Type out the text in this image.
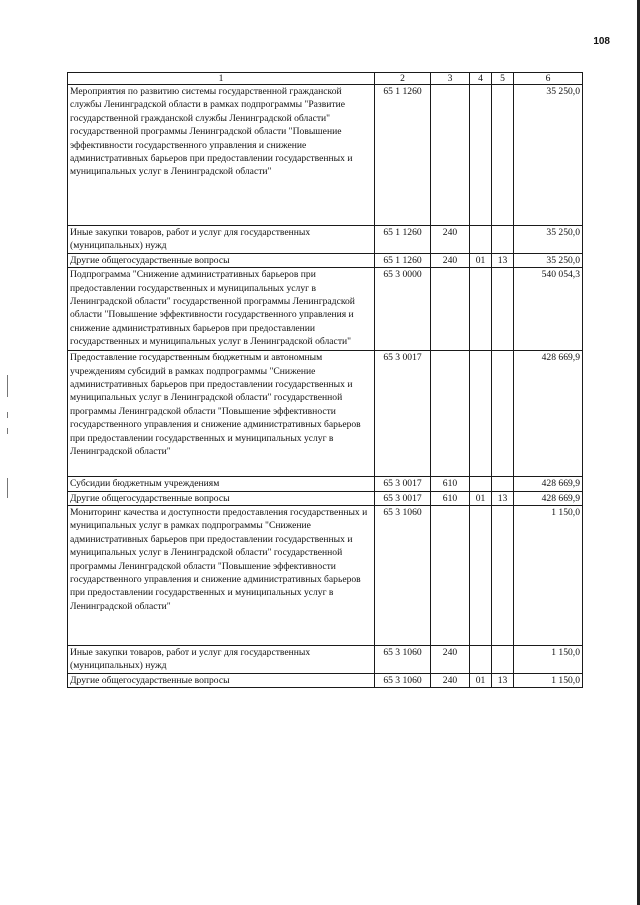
108
1	2	3	4	5	6
Мероприятия по развитию системы государственной гражданской службы Ленинградской области в рамках подпрограммы "Развитие государственной гражданской службы Ленинградской области" государственной программы Ленинградской области "Повышение эффективности государственного управления и снижение административных барьеров при предоставлении государственных и муниципальных услуг в Ленинградской области"	65 1 1260				35 250,0
Иные закупки товаров, работ и услуг для государственных (муниципальных) нужд	65 1 1260	240			35 250,0
Другие общегосударственные вопросы	65 1 1260	240	01	13	35 250,0
Подпрограмма "Снижение административных барьеров при предоставлении государственных и муниципальных услуг в Ленинградской области" государственной программы Ленинградской области "Повышение эффективности государственного управления и снижение административных барьеров при предоставлении государственных и муниципальных услуг в Ленинградской области"	65 3 0000				540 054,3
Предоставление государственным бюджетным и автономным учреждениям субсидий в рамках подпрограммы "Снижение административных барьеров при предоставлении государственных и муниципальных услуг в Ленинградской области" государственной программы Ленинградской области "Повышение эффективности государственного управления и снижение административных барьеров при предоставлении государственных и муниципальных услуг в Ленинградской области"	65 3 0017				428 669,9
Субсидии бюджетным учреждениям	65 3 0017	610			428 669,9
Другие общегосударственные вопросы	65 3 0017	610	01	13	428 669,9
Мониторинг качества и доступности предоставления государственных и муниципальных услуг в рамках подпрограммы "Снижение административных барьеров при предоставлении государственных и муниципальных услуг в Ленинградской области" государственной программы Ленинградской области "Повышение эффективности государственного управления и снижение административных барьеров при предоставлении государственных и муниципальных услуг в Ленинградской области"	65 3 1060				1 150,0
Иные закупки товаров, работ и услуг для государственных (муниципальных) нужд	65 3 1060	240			1 150,0
Другие общегосударственные вопросы	65 3 1060	240	01	13	1 150,0
